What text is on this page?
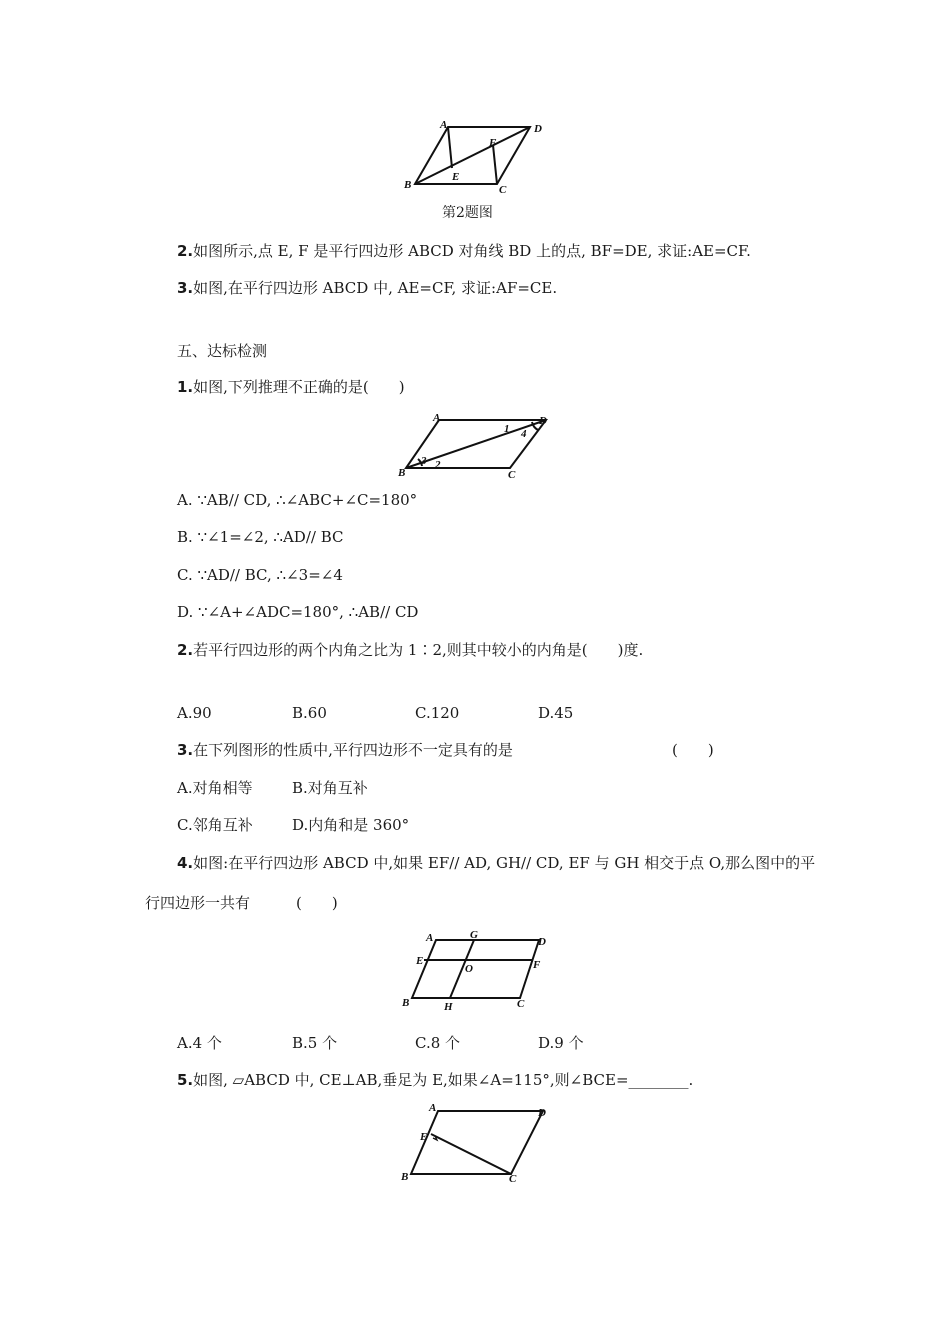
A	D
B	C
E
F
第2题图
2.如图所示,点 E, F 是平行四边形 ABCD 对角线 BD 上的点, BF=DE, 求证:AE=CF.
3.如图,在平行四边形 ABCD 中, AE=CF, 求证:AF=CE.
五、达标检测
1.如图,下列推理不正确的是(　　)
A	D
B	C
1
2
3
4
A. ∵AB// CD, ∴∠ABC+∠C=180°
B. ∵∠1=∠2, ∴AD// BC
C. ∵AD// BC, ∴∠3=∠4
D. ∵∠A+∠ADC=180°, ∴AB// CD
2.若平行四边形的两个内角之比为 1∶2,则其中较小的内角是(　　)度.
A.90	B.60	C.120	D.45
3.在下列图形的性质中,平行四边形不一定具有的是	(　　)
A.对角相等	B.对角互补
C.邻角互补	D.内角和是 360°
4.如图:在平行四边形 ABCD 中,如果 EF// AD, GH// CD, EF 与 GH 相交于点 O,那么图中的平
行四边形一共有	(　　)
A	G
D
E
O	F
B	H	C
A.4 个	B.5 个	C.8 个	D.9 个
5.如图, ▱ABCD 中, CE⊥AB,垂足为 E,如果∠A=115°,则∠BCE=________.
A	D
E
B	C
